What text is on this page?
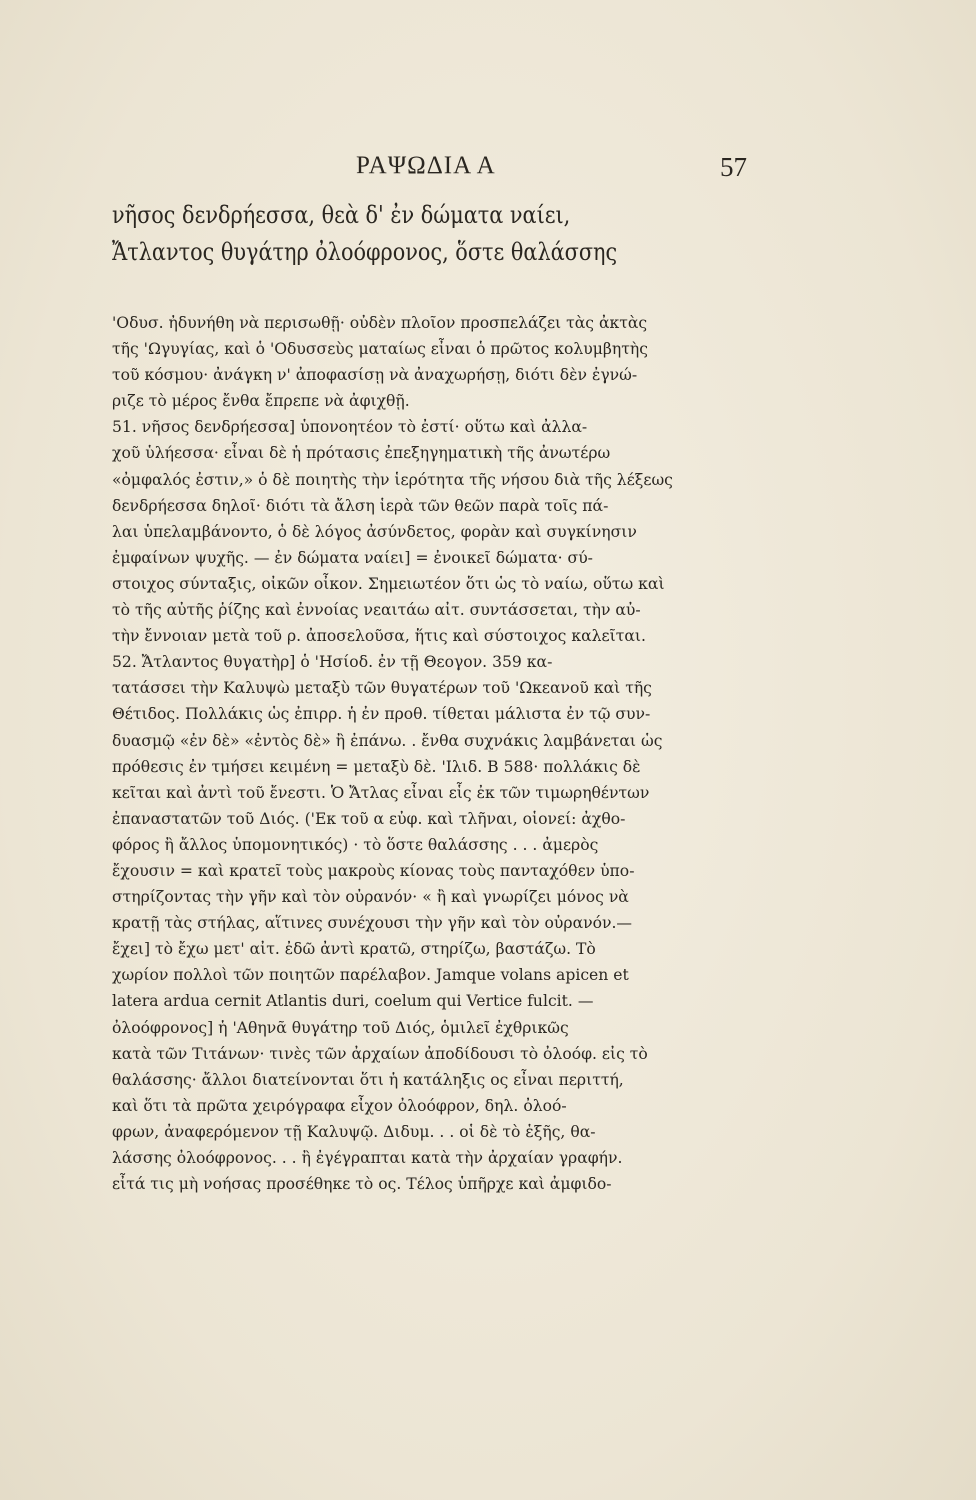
ΡΑΨΩΔΙΑ Α	57
νῆσος δενδρήεσσα, θεὰ δ' ἐν δώματα ναίει,
Ἄτλαντος θυγάτηρ ὀλοόφρονος, ὅστε θαλάσσης
'Οδυσ. ἠδυνήθη νὰ περισωθῇ· οὐδὲν πλοῖον προσπελάζει τὰς ἀκτὰς
τῆς 'Ωγυγίας, καὶ ὁ 'Οδυσσεὺς ματαίως εἶναι ὁ πρῶτος κολυμβητὴς
τοῦ κόσμου· ἀνάγκη ν' ἀποφασίσῃ νὰ ἀναχωρήσῃ, διότι δὲν ἐγνώ-
ριζε τὸ μέρος ἔνθα ἔπρεπε νὰ ἀφιχθῇ.
51. νῆσος δενδρήεσσα] ὑπονοητέον τὸ ἐστί· οὕτω καὶ ἀλλα-
χοῦ ὑλήεσσα· εἶναι δὲ ἡ πρότασις ἐπεξηγηματικὴ τῆς ἀνωτέρω
«ὀμφαλός ἐστιν,» ὁ δὲ ποιητὴς τὴν ἱερότητα τῆς νήσου διὰ τῆς λέξεως
δενδρήεσσα δηλοῖ· διότι τὰ ἄλση ἱερὰ τῶν θεῶν παρὰ τοῖς πά-
λαι ὑπελαμβάνοντο, ὁ δὲ λόγος ἀσύνδετος, φορὰν καὶ συγκίνησιν
ἐμφαίνων ψυχῆς. — ἐν δώματα ναίει] = ἐνοικεῖ δώματα· σύ-
στοιχος σύνταξις, οἰκῶν οἶκον. Σημειωτέον ὅτι ὡς τὸ ναίω, οὕτω καὶ
τὸ τῆς αὐτῆς ῥίζης καὶ ἐννοίας νεαιτάω αἰτ. συντάσσεται, τὴν αὐ-
τὴν ἔννοιαν μετὰ τοῦ ρ. ἀποσελοῦσα, ἥτις καὶ σύστοιχος καλεῖται.
52. Ἄτλαντος θυγατὴρ] ὁ 'Ησίοδ. ἐν τῇ Θεογον. 359 κα-
τατάσσει τὴν Καλυψὼ μεταξὺ τῶν θυγατέρων τοῦ 'Ωκεανοῦ καὶ τῆς
Θέτιδος. Πολλάκις ὡς ἐπιρρ. ἡ ἐν προθ. τίθεται μάλιστα ἐν τῷ συν-
δυασμῷ «ἐν δὲ» «ἐντὸς δὲ» ἢ ἐπάνω. . ἔνθα συχνάκις λαμβάνεται ὡς
πρόθεσις ἐν τμήσει κειμένη = μεταξὺ δὲ. 'Ιλιδ. Β 588· πολλάκις δὲ
κεῖται καὶ ἀντὶ τοῦ ἔνεστι. Ὁ Ἄτλας εἶναι εἷς ἐκ τῶν τιμωρηθέντων
ἐπαναστατῶν τοῦ Διός. ('Εκ τοῦ α εὐφ. καὶ τλῆναι, οἱονεί: ἀχθο-
φόρος ἢ ἄλλος ὑπομονητικός) · τὸ ὅστε θαλάσσης . . . ἀμερὸς
ἔχουσιν = καὶ κρατεῖ τοὺς μακροὺς κίονας τοὺς πανταχόθεν ὑπο-
στηρίζοντας τὴν γῆν καὶ τὸν οὐρανόν· « ἢ καὶ γνωρίζει μόνος νὰ
κρατῇ τὰς στήλας, αἵτινες συνέχουσι τὴν γῆν καὶ τὸν οὐρανόν.—
ἔχει] τὸ ἔχω μετ' αἰτ. ἐδῶ ἀντὶ κρατῶ, στηρίζω, βαστάζω. Τὸ
χωρίον πολλοὶ τῶν ποιητῶν παρέλαβον. Jamque volans apicen et
latera ardua cernit Atlantis duri, coelum qui Vertice fulcit. —
ὀλοόφρονος] ἡ 'Αθηνᾶ θυγάτηρ τοῦ Διός, ὁμιλεῖ ἐχθρικῶς
κατὰ τῶν Τιτάνων· τινὲς τῶν ἀρχαίων ἀποδίδουσι τὸ ὀλοόφ. εἰς τὸ
θαλάσσης· ἄλλοι διατείνονται ὅτι ἡ κατάληξις ος εἶναι περιττή,
καὶ ὅτι τὰ πρῶτα χειρόγραφα εἶχον ὀλοόφρον, δηλ. ὀλοό-
φρων, ἀναφερόμενον τῇ Καλυψῷ. Διδυμ. . . οἱ δὲ τὸ ἑξῆς, θα-
λάσσης ὀλοόφρονος. . . ἢ ἐγέγραπται κατὰ τὴν ἀρχαίαν γραφήν.
εἶτά τις μὴ νοήσας προσέθηκε τὸ ος. Τέλος ὑπῆρχε καὶ ἀμφιδο-
